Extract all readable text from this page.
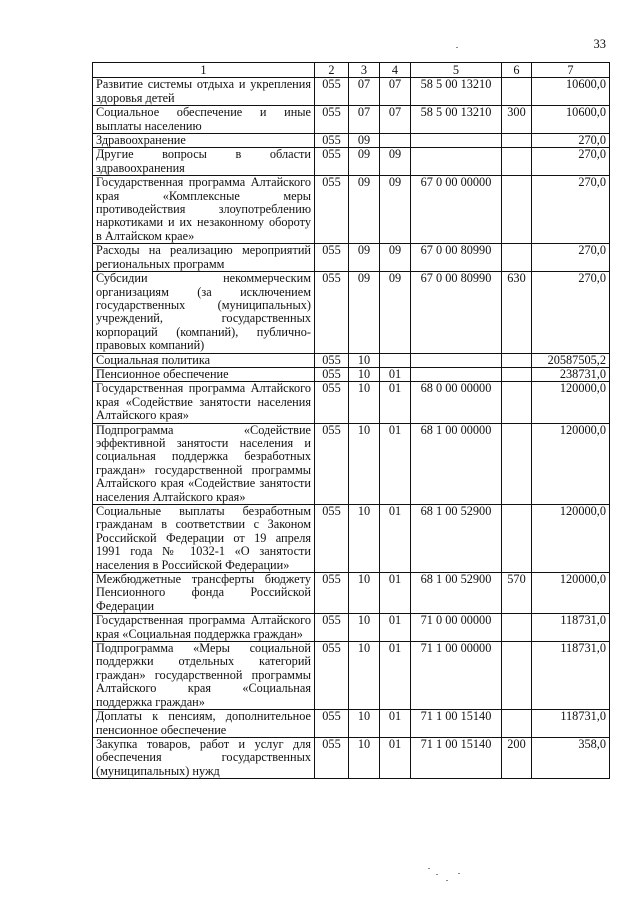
33
1	2	3	4	5	6	7
Развитие системы отдыха и укрепления здоровья детей	055	07	07	58 5 00 13210		10600,0
Социальное обеспечение и иные выплаты населению	055	07	07	58 5 00 13210	300	10600,0
Здравоохранение	055	09				270,0
Другие вопросы в области здравоохранения	055	09	09			270,0
Государственная программа Алтайского края «Комплексные меры противодействия злоупотреблению наркотиками и их незаконному обороту в Алтайском крае»	055	09	09	67 0 00 00000		270,0
Расходы на реализацию мероприятий региональных программ	055	09	09	67 0 00 80990		270,0
Субсидии некоммерческим организациям (за исключением государственных (муниципальных) учреждений, государственных корпораций (компаний), публично-правовых компаний)	055	09	09	67 0 00 80990	630	270,0
Социальная политика	055	10				20587505,2
Пенсионное обеспечение	055	10	01			238731,0
Государственная программа Алтайского края «Содействие занятости населения Алтайского края»	055	10	01	68 0 00 00000		120000,0
Подпрограмма «Содействие эффективной занятости населения и социальная поддержка безработных граждан» государственной программы Алтайского края «Содействие занятости населения Алтайского края»	055	10	01	68 1 00 00000		120000,0
Социальные выплаты безработным гражданам в соответствии с Законом Российской Федерации от 19 апреля 1991 года № 1032-1 «О занятости населения в Российской Федерации»	055	10	01	68 1 00 52900		120000,0
Межбюджетные трансферты бюджету Пенсионного фонда Российской Федерации	055	10	01	68 1 00 52900	570	120000,0
Государственная программа Алтайского края «Социальная поддержка граждан»	055	10	01	71 0 00 00000		118731,0
Подпрограмма «Меры социальной поддержки отдельных категорий граждан» государственной программы Алтайского края «Социальная поддержка граждан»	055	10	01	71 1 00 00000		118731,0
Доплаты к пенсиям, дополнительное пенсионное обеспечение	055	10	01	71 1 00 15140		118731,0
Закупка товаров, работ и услуг для обеспечения государственных (муниципальных) нужд	055	10	01	71 1 00 15140	200	358,0
